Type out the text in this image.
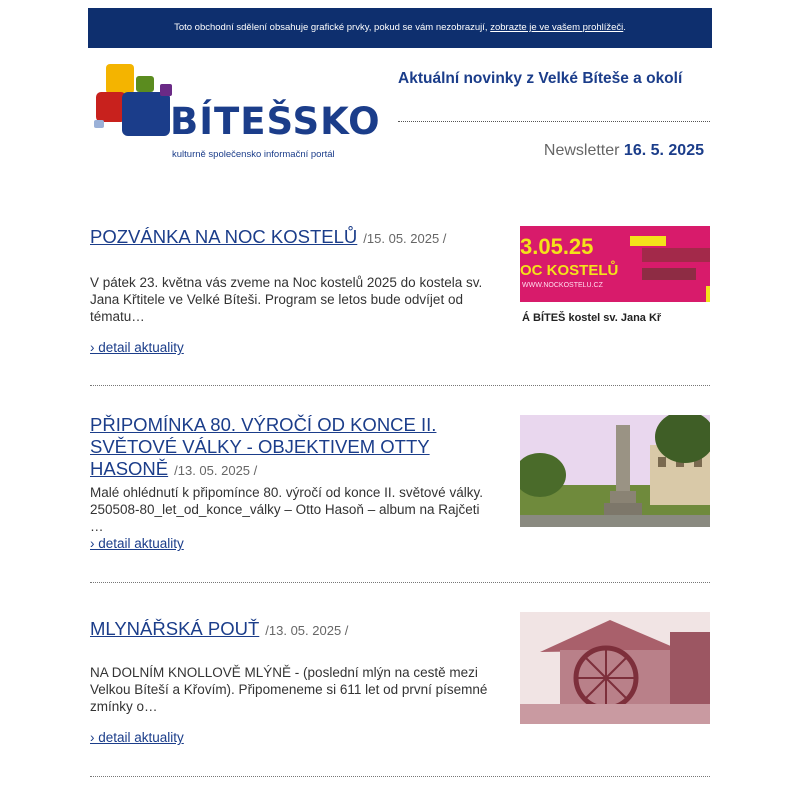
Toto obchodní sdělení obsahuje grafické prvky, pokud se vám nezobrazují, zobrazte je ve vašem prohlížeči.
BÍTEŠSKO
kulturně společensko informační portál
Aktuální novinky z Velké Bíteše a okolí
Newsletter 16. 5. 2025
POZVÁNKA NA NOC KOSTELŮ /15. 05. 2025 /
V pátek 23. května vás zveme na Noc kostelů 2025 do kostela sv. Jana Křtitele ve Velké Bíteši. Program se letos bude odvíjet od tématu…
› detail aktuality
3.05.25
OC KOSTELŮ
WWW.NOCKOSTELU.CZ
Á BÍTEŠ kostel sv. Jana Kř
PŘIPOMÍNKA 80. VÝROČÍ OD KONCE II. SVĚTOVÉ VÁLKY - OBJEKTIVEM OTTY HASONĚ /13. 05. 2025 /
Malé ohlédnutí k připomínce 80. výročí od konce II. světové války. 250508-80_let_od_konce_války – Otto Hasoň – album na Rajčeti …
› detail aktuality
MLYNÁŘSKÁ POUŤ /13. 05. 2025 /
NA DOLNÍM KNOLLOVĚ MLÝNĚ - (poslední mlýn na cestě mezi Velkou Bíteší a Křovím). Připomeneme si 611 let od první písemné zmínky o…
› detail aktuality
